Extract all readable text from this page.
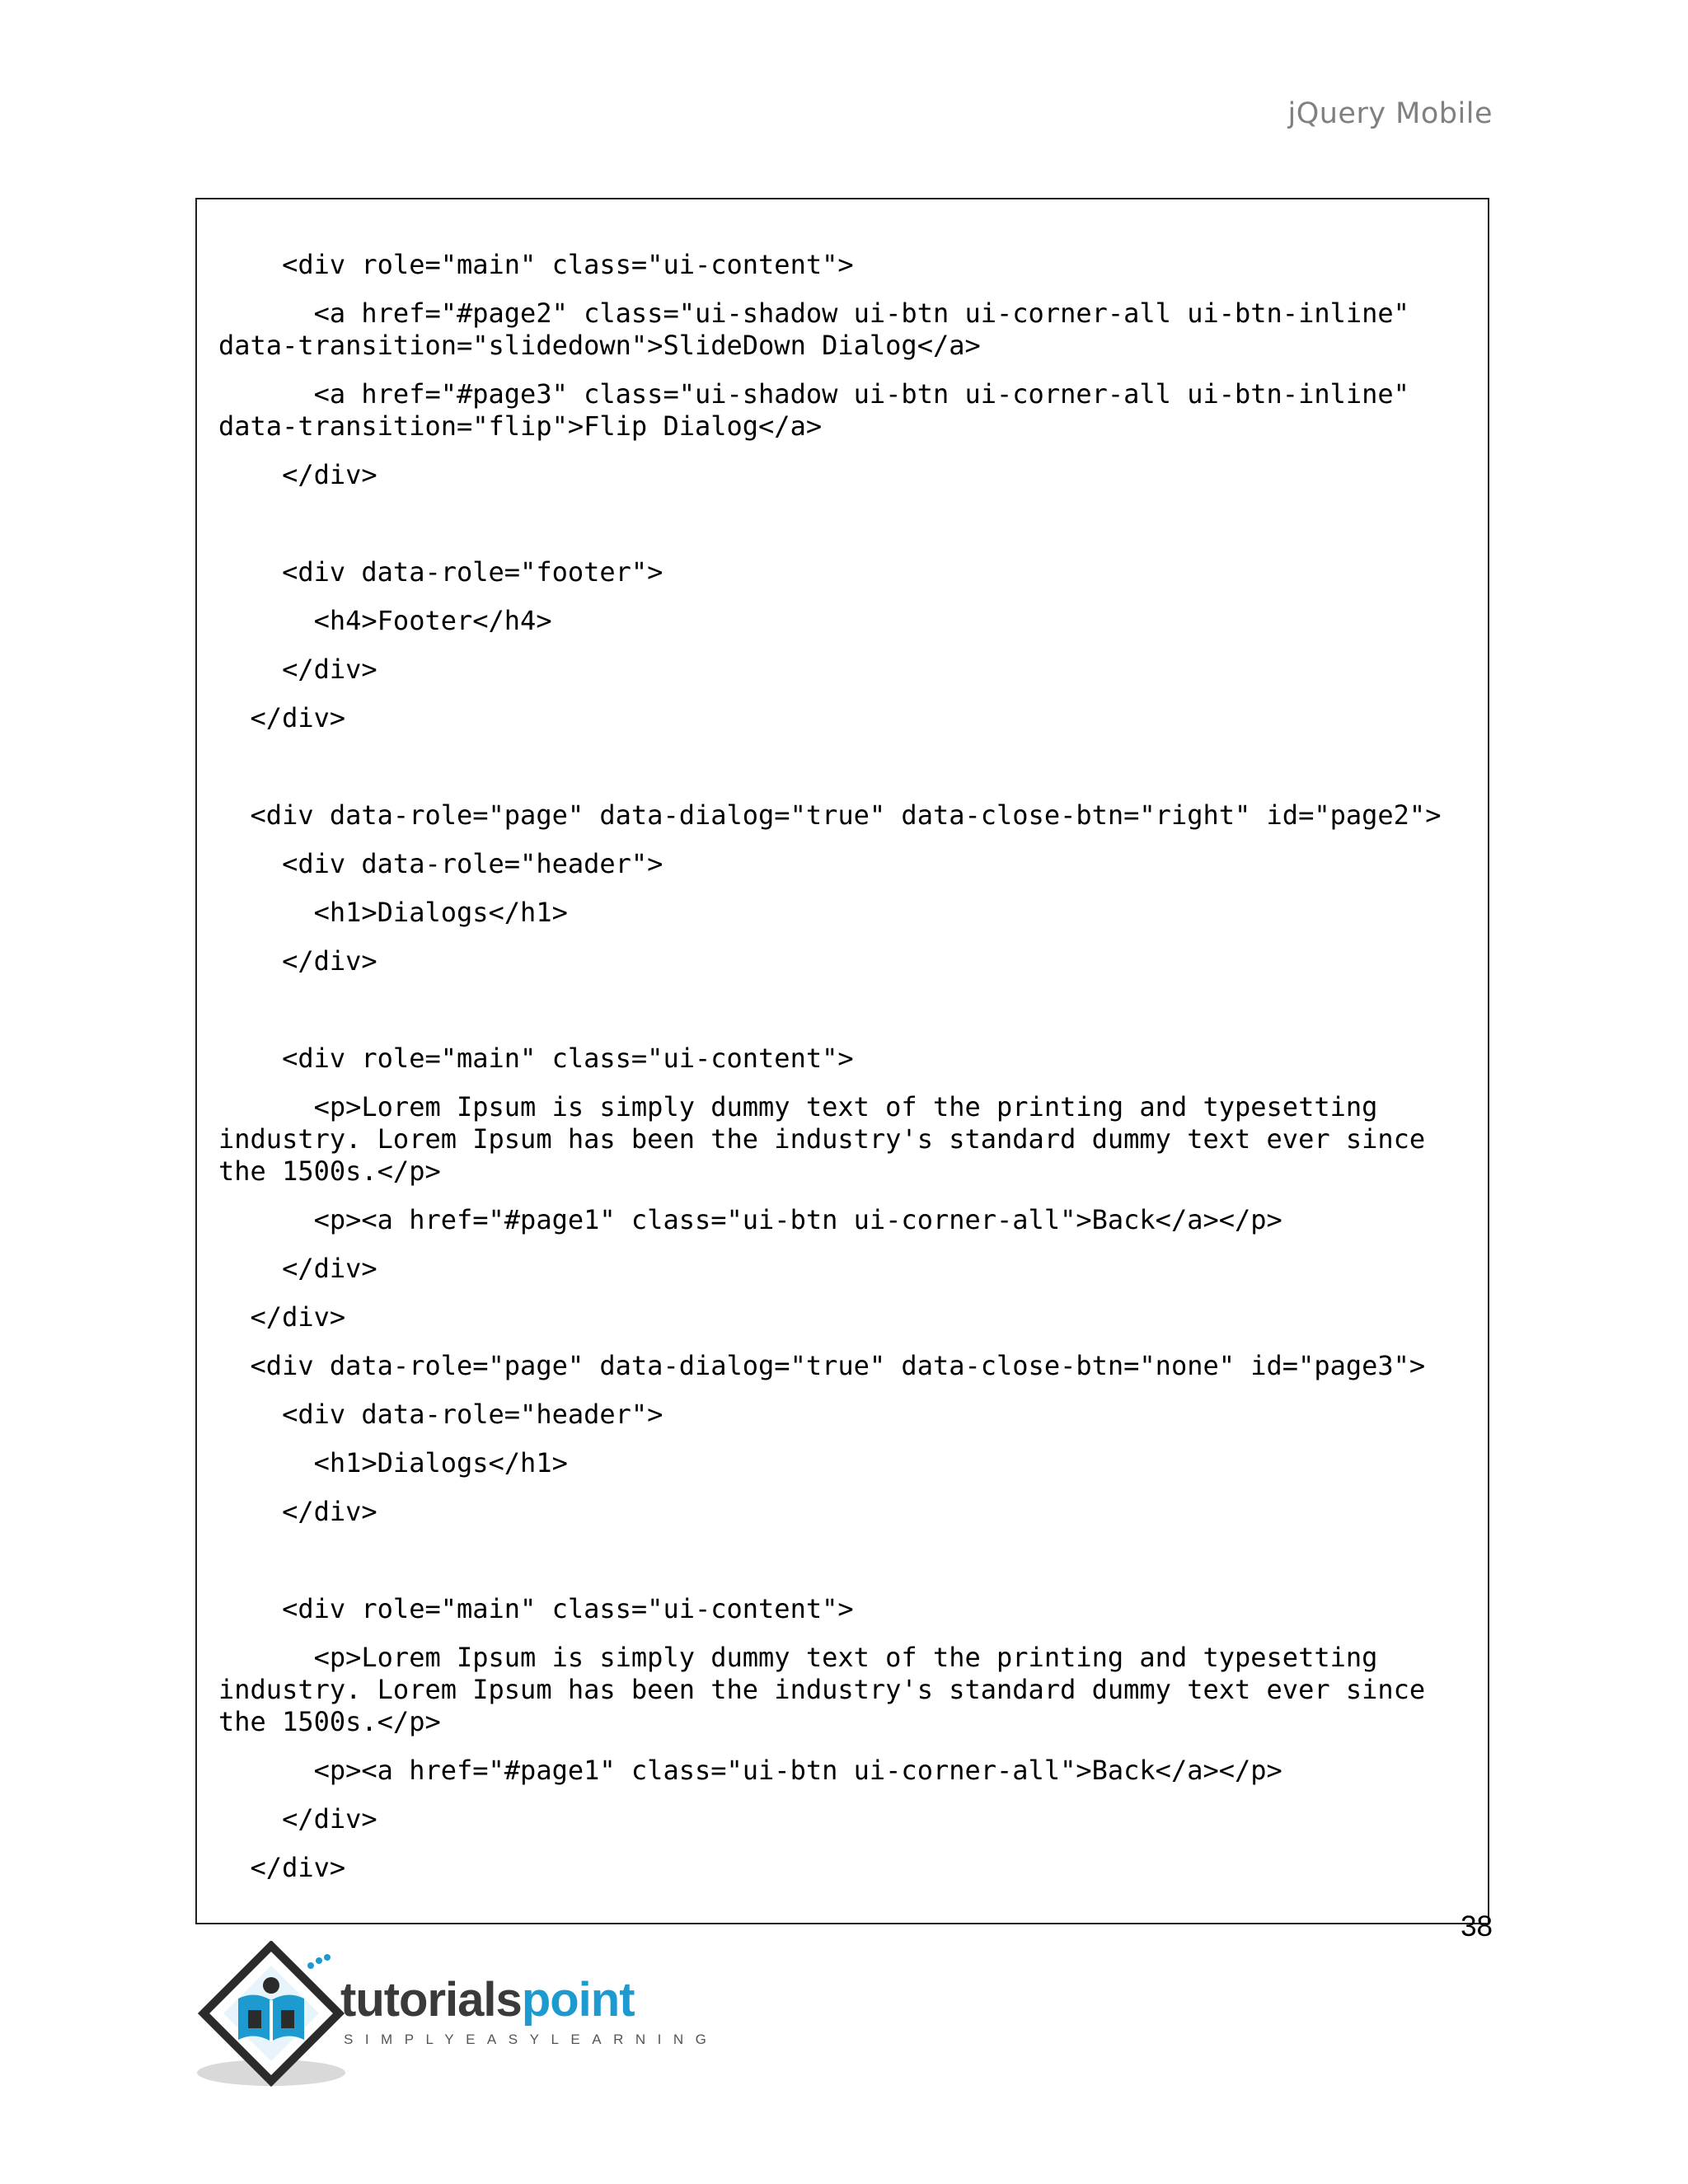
jQuery Mobile
<div role="main" class="ui-content">
<a href="#page2" class="ui-shadow ui-btn ui-corner-all ui-btn-inline" data-transition="slidedown">SlideDown Dialog</a>
<a href="#page3" class="ui-shadow ui-btn ui-corner-all ui-btn-inline" data-transition="flip">Flip Dialog</a>
</div>
<div data-role="footer">
<h4>Footer</h4>
</div>
</div>
<div data-role="page" data-dialog="true" data-close-btn="right" id="page2">
<div data-role="header">
<h1>Dialogs</h1>
</div>
<div role="main" class="ui-content">
<p>Lorem Ipsum is simply dummy text of the printing and typesetting industry. Lorem Ipsum has been the industry's standard dummy text ever since the 1500s.</p>
<p><a href="#page1" class="ui-btn ui-corner-all">Back</a></p>
</div>
</div>
<div data-role="page" data-dialog="true" data-close-btn="none" id="page3">
<div data-role="header">
<h1>Dialogs</h1>
</div>
<div role="main" class="ui-content">
<p>Lorem Ipsum is simply dummy text of the printing and typesetting industry. Lorem Ipsum has been the industry's standard dummy text ever since the 1500s.</p>
<p><a href="#page1" class="ui-btn ui-corner-all">Back</a></p>
</div>
</div>
38
tutorialspoint
SIMPLYEASYLEARNING
